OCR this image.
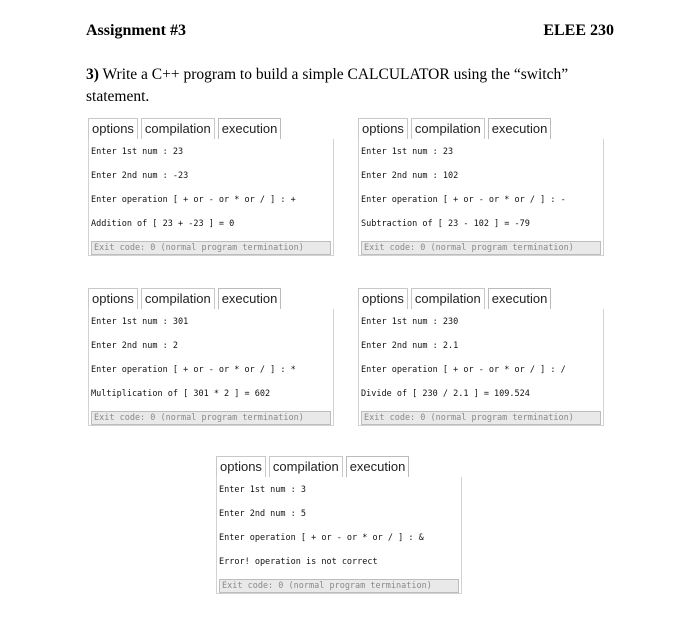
Assignment #3	ELEE 230
3) Write a C++ program to build a simple CALCULATOR using the “switch” statement.
options compilation execution
Enter 1st num : 23
Enter 2nd num : -23
Enter operation [ + or - or * or / ] : +
Addition of [ 23 + -23 ] = 0
Exit code: 0 (normal program termination)
options compilation execution
Enter 1st num : 23
Enter 2nd num : 102
Enter operation [ + or - or * or / ] : -
Subtraction of [ 23 - 102 ] = -79
Exit code: 0 (normal program termination)
options compilation execution
Enter 1st num : 301
Enter 2nd num : 2
Enter operation [ + or - or * or / ] : *
Multiplication of [ 301 * 2 ] = 602
Exit code: 0 (normal program termination)
options compilation execution
Enter 1st num : 230
Enter 2nd num : 2.1
Enter operation [ + or - or * or / ] : /
Divide of [ 230 / 2.1 ] = 109.524
Exit code: 0 (normal program termination)
options compilation execution
Enter 1st num : 3
Enter 2nd num : 5
Enter operation [ + or - or * or / ] : &
Error! operation is not correct
Exit code: 0 (normal program termination)
